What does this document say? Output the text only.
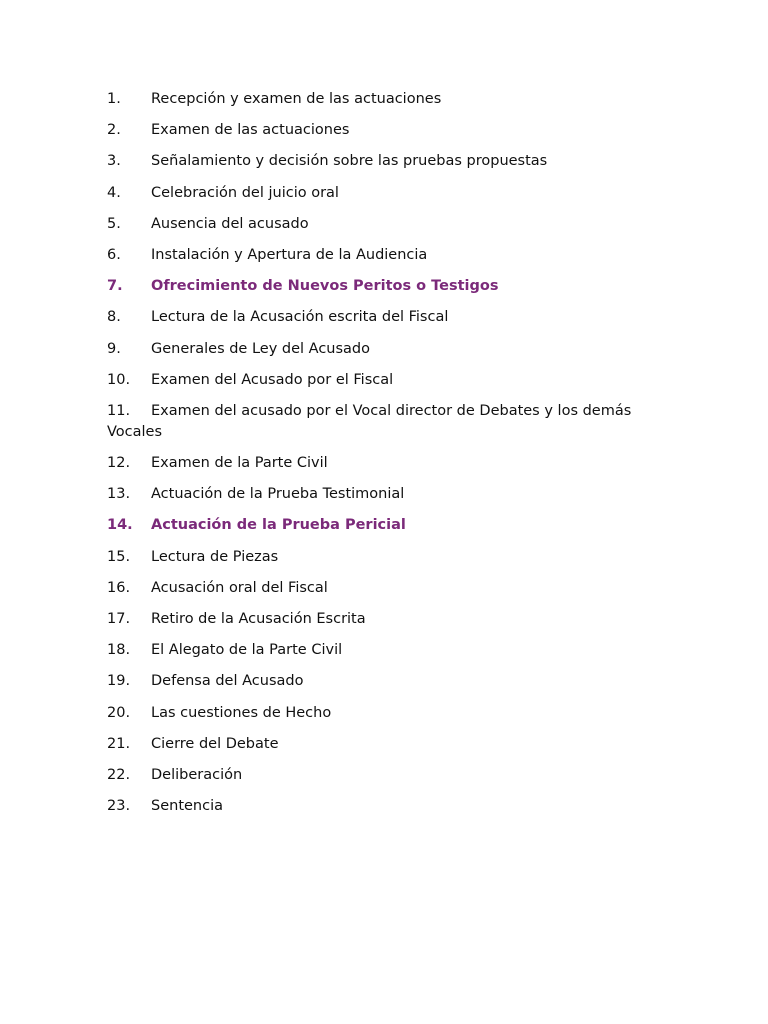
1. Recepción y examen de las actuaciones
2. Examen de las actuaciones
3. Señalamiento y decisión sobre las pruebas propuestas
4. Celebración del juicio oral
5. Ausencia del acusado
6. Instalación y Apertura de la Audiencia
7. Ofrecimiento de Nuevos Peritos o Testigos
8. Lectura de la Acusación escrita del Fiscal
9. Generales de Ley del Acusado
10. Examen del Acusado por el Fiscal
11. Examen del acusado por el Vocal director de Debates y los demás Vocales
12. Examen de la Parte Civil
13. Actuación de la Prueba Testimonial
14. Actuación de la Prueba Pericial
15. Lectura de Piezas
16. Acusación oral del Fiscal
17. Retiro de la Acusación Escrita
18. El Alegato de la Parte Civil
19. Defensa del Acusado
20. Las cuestiones de Hecho
21. Cierre del Debate
22. Deliberación
23. Sentencia
